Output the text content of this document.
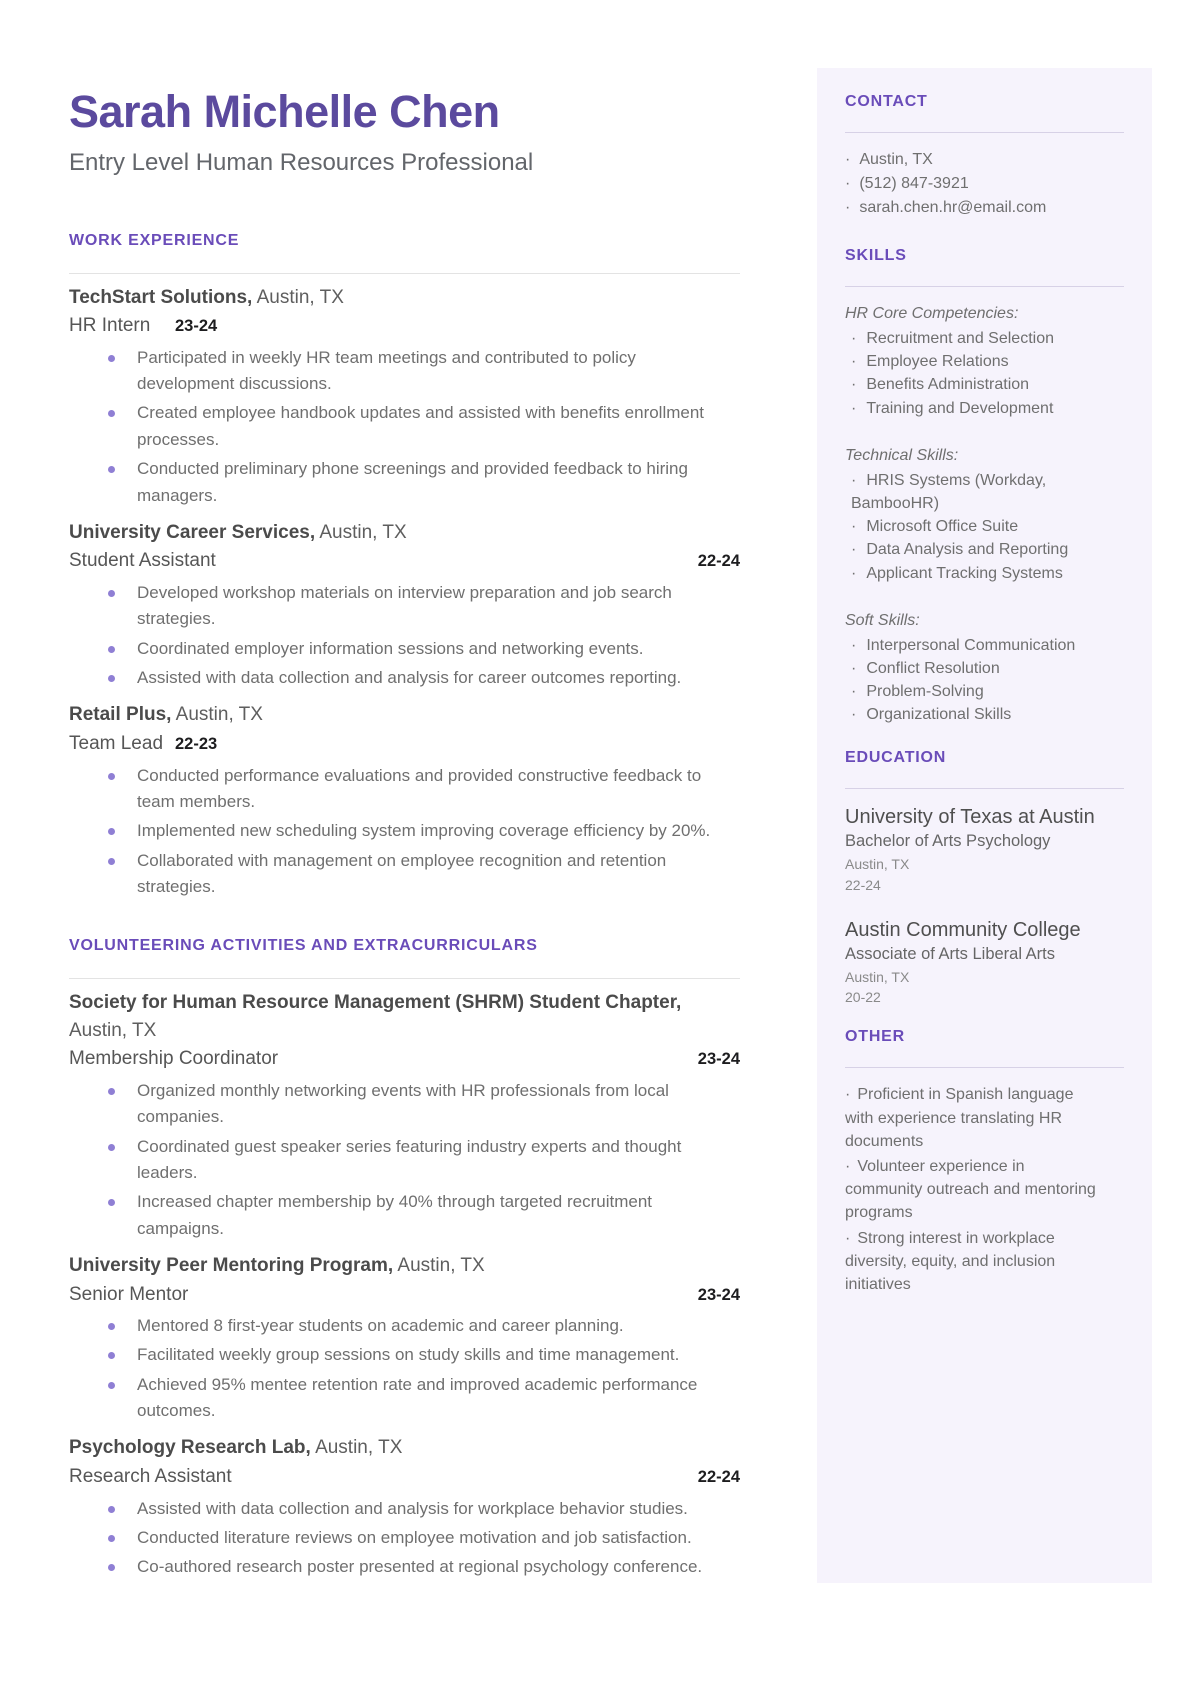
Sarah Michelle Chen
Entry Level Human Resources Professional
WORK EXPERIENCE
TechStart Solutions, Austin, TX
HR Intern 23-24
Participated in weekly HR team meetings and contributed to policy development discussions.
Created employee handbook updates and assisted with benefits enrollment processes.
Conducted preliminary phone screenings and provided feedback to hiring managers.
University Career Services, Austin, TX
Student Assistant	22-24
Developed workshop materials on interview preparation and job search strategies.
Coordinated employer information sessions and networking events.
Assisted with data collection and analysis for career outcomes reporting.
Retail Plus, Austin, TX
Team Lead 22-23
Conducted performance evaluations and provided constructive feedback to team members.
Implemented new scheduling system improving coverage efficiency by 20%.
Collaborated with management on employee recognition and retention strategies.
VOLUNTEERING ACTIVITIES AND EXTRACURRICULARS
Society for Human Resource Management (SHRM) Student Chapter, Austin, TX
Membership Coordinator	23-24
Organized monthly networking events with HR professionals from local companies.
Coordinated guest speaker series featuring industry experts and thought leaders.
Increased chapter membership by 40% through targeted recruitment campaigns.
University Peer Mentoring Program, Austin, TX
Senior Mentor	23-24
Mentored 8 first-year students on academic and career planning.
Facilitated weekly group sessions on study skills and time management.
Achieved 95% mentee retention rate and improved academic performance outcomes.
Psychology Research Lab, Austin, TX
Research Assistant	22-24
Assisted with data collection and analysis for workplace behavior studies.
Conducted literature reviews on employee motivation and job satisfaction.
Co-authored research poster presented at regional psychology conference.
CONTACT
· Austin, TX
· (512) 847-3921
· sarah.chen.hr@email.com
SKILLS
HR Core Competencies:
· Recruitment and Selection
· Employee Relations
· Benefits Administration
· Training and Development
Technical Skills:
· HRIS Systems (Workday, BambooHR)
· Microsoft Office Suite
· Data Analysis and Reporting
· Applicant Tracking Systems
Soft Skills:
· Interpersonal Communication
· Conflict Resolution
· Problem-Solving
· Organizational Skills
EDUCATION
University of Texas at Austin
Bachelor of Arts Psychology
Austin, TX
22-24
Austin Community College
Associate of Arts Liberal Arts
Austin, TX
20-22
OTHER
· Proficient in Spanish language with experience translating HR documents
· Volunteer experience in community outreach and mentoring programs
· Strong interest in workplace diversity, equity, and inclusion initiatives
